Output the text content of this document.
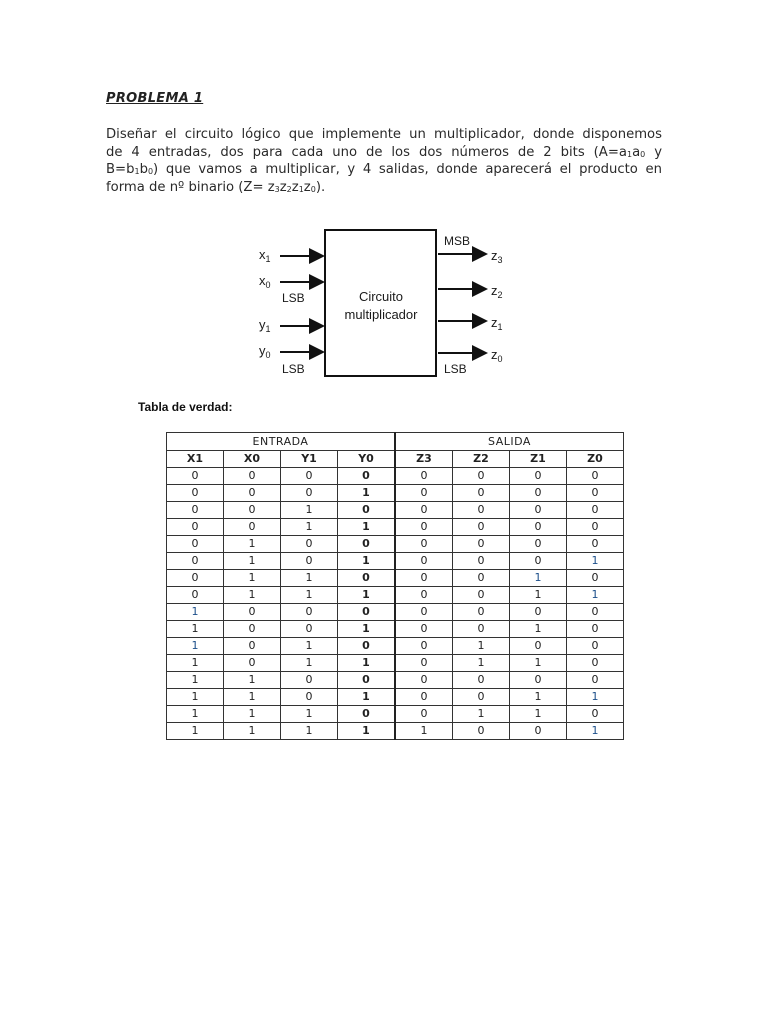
PROBLEMA 1
Diseñar el circuito lógico que implemente un multiplicador, donde disponemos
de 4 entradas, dos para cada uno de los dos números de 2 bits ($A=a_1a_0$ y
$B=b_1b_0$) que vamos a multiplicar, y 4 salidas, donde aparecerá el producto en
forma de nº binario $(Z= z_3z_2z_1z_0)$.
Circuito
multiplicador
$x_1$
$x_0$
LSB
$y_1$
$y_0$
LSB
MSB
$z_3$
$z_2$
$z_1$
$z_0$
LSB
Tabla de verdad:
ENTRADA				SALIDA			
X1	X0	Y1	Y0	Z3	Z2	Z1	Z0
0	0	0	0	0	0	0	0
0	0	0	1	0	0	0	0
0	0	1	0	0	0	0	0
0	0	1	1	0	0	0	0
0	1	0	0	0	0	0	0
0	1	0	1	0	0	0	1
0	1	1	0	0	0	1	0
0	1	1	1	0	0	1	1
1	0	0	0	0	0	0	0
1	0	0	1	0	0	1	0
1	0	1	0	0	1	0	0
1	0	1	1	0	1	1	0
1	1	0	0	0	0	0	0
1	1	0	1	0	0	1	1
1	1	1	0	0	1	1	0
1	1	1	1	1	0	0	1
